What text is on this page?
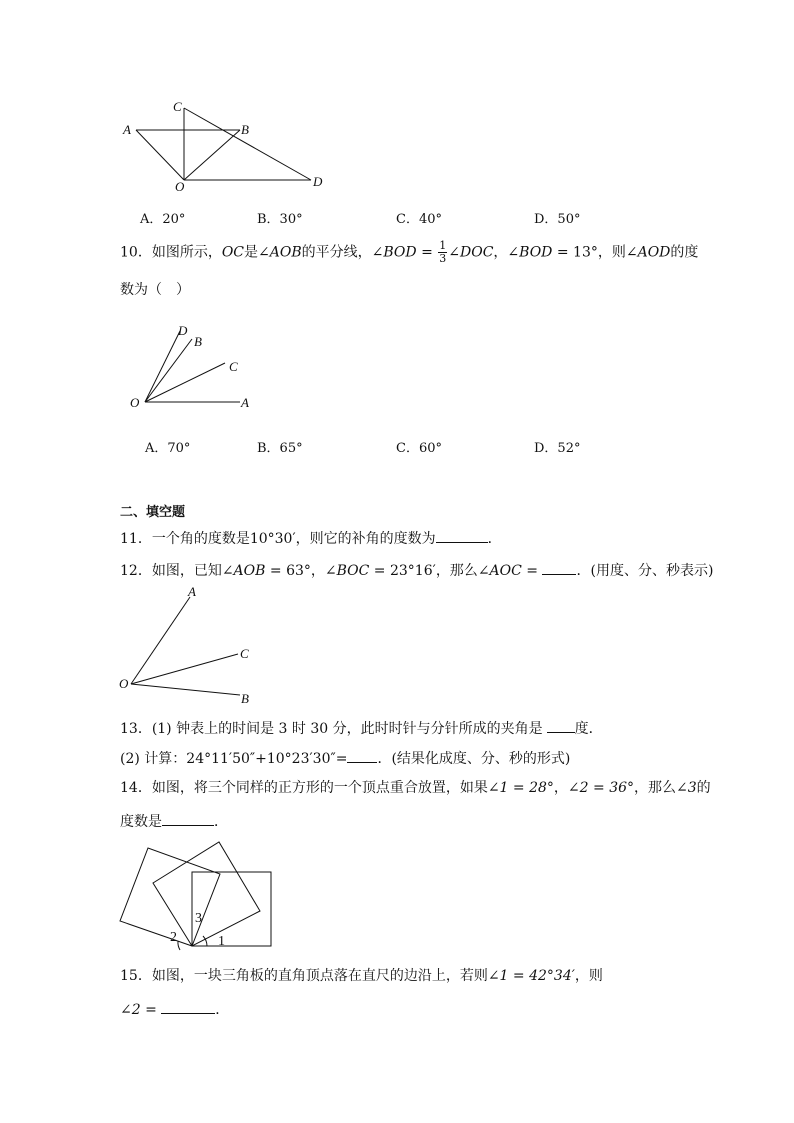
C
A	B
O	D
A．20°	B．30°	C．40°	D．50°
10．如图所示，OC是∠AOB的平分线，∠BOD = $\frac{1}{3}$ ∠DOC，∠BOD = 13°，则∠AOD的度
数为（　）
D
B
C
O	A
A．70°	B．65°	C．60°	D．52°
二、填空题
11．一个角的度数是10°30′，则它的补角的度数为	．
12．如图，已知∠AOB = 63°，∠BOC = 23°16′，那么∠AOC = ．(用度、分、秒表示)
A
C
O
B
13．(1) 钟表上的时间是 3 时 30 分，此时时针与分针所成的夹角是 度．
(2) 计算：24°11′50″+10°23′30″= ．(结果化成度、分、秒的形式)
14．如图，将三个同样的正方形的一个顶点重合放置，如果∠1 = 28°，∠2 = 36°，那么∠3的
度数是	．
2
3
1
15．如图，一块三角板的直角顶点落在直尺的边沿上，若则∠1 = 42°34′，则
∠2 =	．
